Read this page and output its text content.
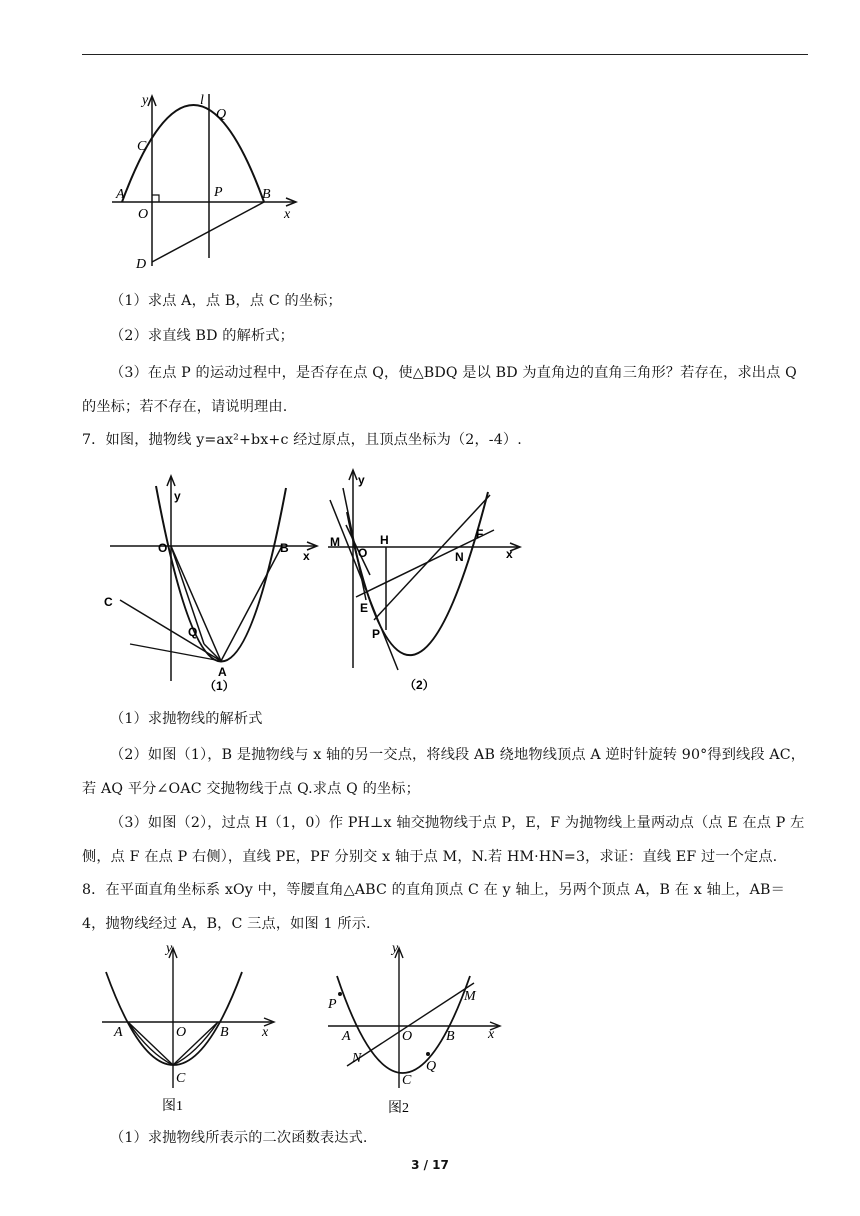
y	l
Q
C
A
O
P	B
x
D
（1）求点 A，点 B，点 C 的坐标；
（2）求直线 BD 的解析式；
（3）在点 P 的运动过程中，是否存在点 Q，使△BDQ 是以 BD 为直角边的直角三角形？若存在，求出点 Q 的坐标；若不存在，请说明理由.
7．如图，抛物线 y=ax²+bx+c 经过原点，且顶点坐标为（2，-4）.
y
O	B
x
C
Q
A
（1）
y
M
O
H
N
F
x
E
P
（2）
（1）求抛物线的解析式
（2）如图（1），B 是抛物线与 x 轴的另一交点，将线段 AB 绕地物线顶点 A 逆时针旋转 90°得到线段 AC，若 AQ 平分∠OAC 交抛物线于点 Q.求点 Q 的坐标；
（3）如图（2），过点 H（1，0）作 PH⊥x 轴交抛物线于点 P，E，F 为抛物线上量两动点（点 E 在点 P 左侧，点 F 在点 P 右侧），直线 PE，PF 分别交 x 轴于点 M，N.若 HM·HN=3，求证：直线 EF 过一个定点.
8．在平面直角坐标系 xOy 中，等腰直角△ABC 的直角顶点 C 在 y 轴上，另两个顶点 A，B 在 x 轴上，AB＝4，抛物线经过 A，B，C 三点，如图 1 所示.
y
A	O B x
C
图1
y
P
M
A	O B x
N
C
Q
图2
（1）求抛物线所表示的二次函数表达式.
3 / 17
